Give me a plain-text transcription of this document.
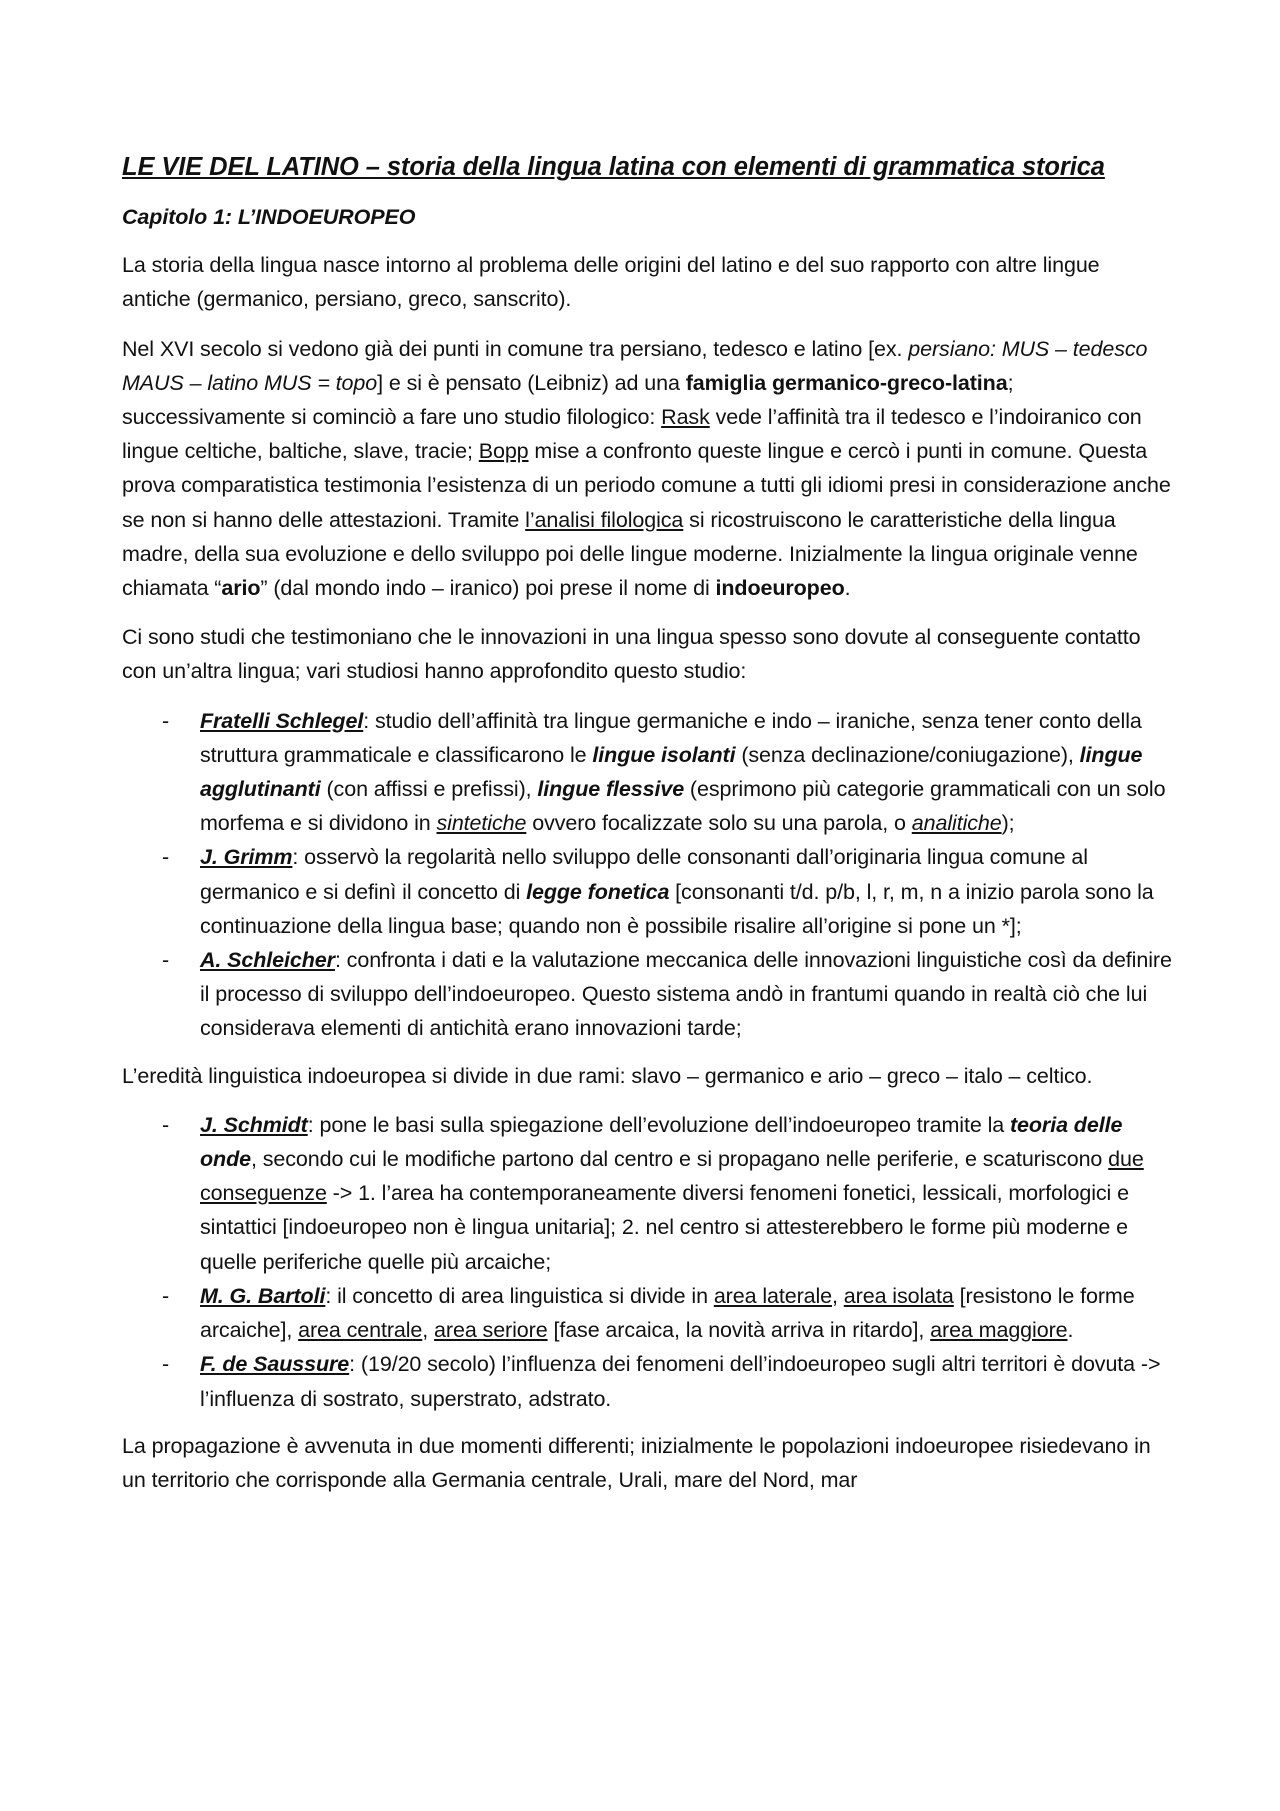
LE VIE DEL LATINO – storia della lingua latina con elementi di grammatica storica
Capitolo 1: L’INDOEUROPEO

La storia della lingua nasce intorno al problema delle origini del latino e del suo rapporto con altre lingue antiche (germanico, persiano, greco, sanscrito).

Nel XVI secolo si vedono già dei punti in comune tra persiano, tedesco e latino [ex. persiano: MUS – tedesco MAUS – latino MUS = topo] e si è pensato (Leibniz) ad una famiglia germanico-greco-latina; successivamente si cominciò a fare uno studio filologico: Rask vede l’affinità tra il tedesco e l’indoiranico con lingue celtiche, baltiche, slave, tracie; Bopp mise a confronto queste lingue e cercò i punti in comune. Questa prova comparatistica testimonia l’esistenza di un periodo comune a tutti gli idiomi presi in considerazione anche se non si hanno delle attestazioni. Tramite l’analisi filologica si ricostruiscono le caratteristiche della lingua madre, della sua evoluzione e dello sviluppo poi delle lingue moderne. Inizialmente la lingua originale venne chiamata “ario” (dal mondo indo – iranico) poi prese il nome di indoeuropeo.

Ci sono studi che testimoniano che le innovazioni in una lingua spesso sono dovute al conseguente contatto con un’altra lingua; vari studiosi hanno approfondito questo studio:

- Fratelli Schlegel: studio dell’affinità tra lingue germaniche e indo – iraniche, senza tener conto della struttura grammaticale e classificarono le lingue isolanti (senza declinazione/coniugazione), lingue agglutinanti (con affissi e prefissi), lingue flessive (esprimono più categorie grammaticali con un solo morfema e si dividono in sintetiche ovvero focalizzate solo su una parola, o analitiche);
- J. Grimm: osservò la regolarità nello sviluppo delle consonanti dall’originaria lingua comune al germanico e si definì il concetto di legge fonetica [consonanti t/d. p/b, l, r, m, n a inizio parola sono la continuazione della lingua base; quando non è possibile risalire all’origine si pone un *];
- A. Schleicher: confronta i dati e la valutazione meccanica delle innovazioni linguistiche così da definire il processo di sviluppo dell’indoeuropeo. Questo sistema andò in frantumi quando in realtà ciò che lui considerava elementi di antichità erano innovazioni tarde;

L’eredità linguistica indoeuropea si divide in due rami: slavo – germanico e ario – greco – italo – celtico.

- J. Schmidt: pone le basi sulla spiegazione dell’evoluzione dell’indoeuropeo tramite la teoria delle onde, secondo cui le modifiche partono dal centro e si propagano nelle periferie, e scaturiscono due conseguenze -> 1. l’area ha contemporaneamente diversi fenomeni fonetici, lessicali, morfologici e sintattici [indoeuropeo non è lingua unitaria]; 2. nel centro si attesterebbero le forme più moderne e quelle periferiche quelle più arcaiche;
- M. G. Bartoli: il concetto di area linguistica si divide in area laterale, area isolata [resistono le forme arcaiche], area centrale, area seriore [fase arcaica, la novità arriva in ritardo], area maggiore.
- F. de Saussure: (19/20 secolo) l’influenza dei fenomeni dell’indoeuropeo sugli altri territori è dovuta -> l’influenza di sostrato, superstrato, adstrato.

La propagazione è avvenuta in due momenti differenti; inizialmente le popolazioni indoeuropee risiedevano in un territorio che corrisponde alla Germania centrale, Urali, mare del Nord, mar
